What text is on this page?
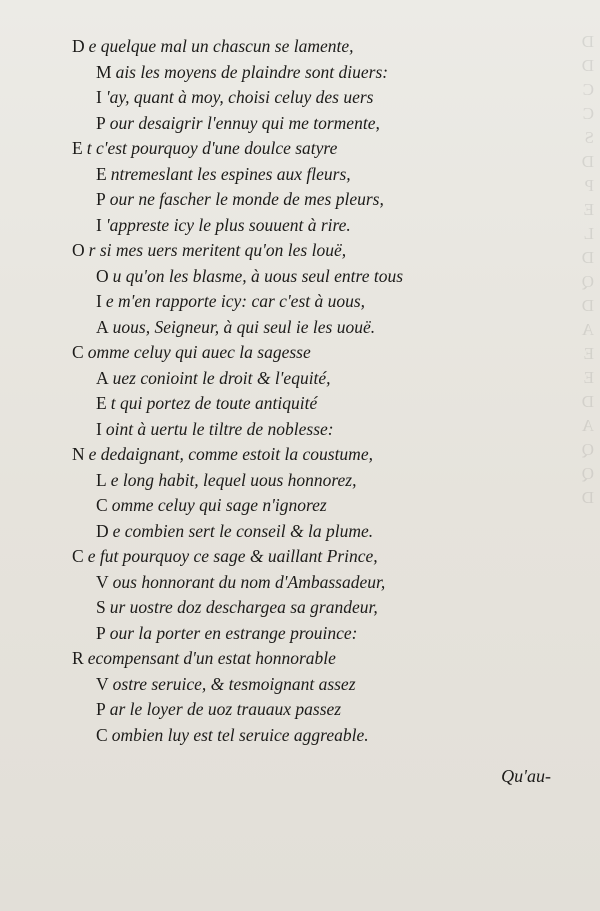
D
D
C
C
S
D
P
E
L
D
Q
D
A
E
E
D
A
Q
Q
D
D e quelque mal un chascun se lamente,
M ais les moyens de plaindre sont diuers:
I 'ay, quant à moy, choisi celuy des uers
P our desaigrir l'ennuy qui me tormente,
E t c'est pourquoy d'une doulce satyre
E ntremeslant les espines aux fleurs,
P our ne fascher le monde de mes pleurs,
I 'appreste icy le plus souuent à rire.
O r si mes uers meritent qu'on les louë,
O u qu'on les blasme, à uous seul entre tous
I e m'en rapporte icy: car c'est à uous,
A uous, Seigneur, à qui seul ie les uouë.
C omme celuy qui auec la sagesse
A uez conioint le droit & l'equité,
E t qui portez de toute antiquité
I oint à uertu le tiltre de noblesse:
N e dedaignant, comme estoit la coustume,
L e long habit, lequel uous honnorez,
C omme celuy qui sage n'ignorez
D e combien sert le conseil & la plume.
C e fut pourquoy ce sage & uaillant Prince,
V ous honnorant du nom d'Ambassadeur,
S ur uostre doz deschargea sa grandeur,
P our la porter en estrange prouince:
R ecompensant d'un estat honnorable
V ostre seruice, & tesmoignant assez
P ar le loyer de uoz trauaux passez
C ombien luy est tel seruice aggreable.
Qu'au-
